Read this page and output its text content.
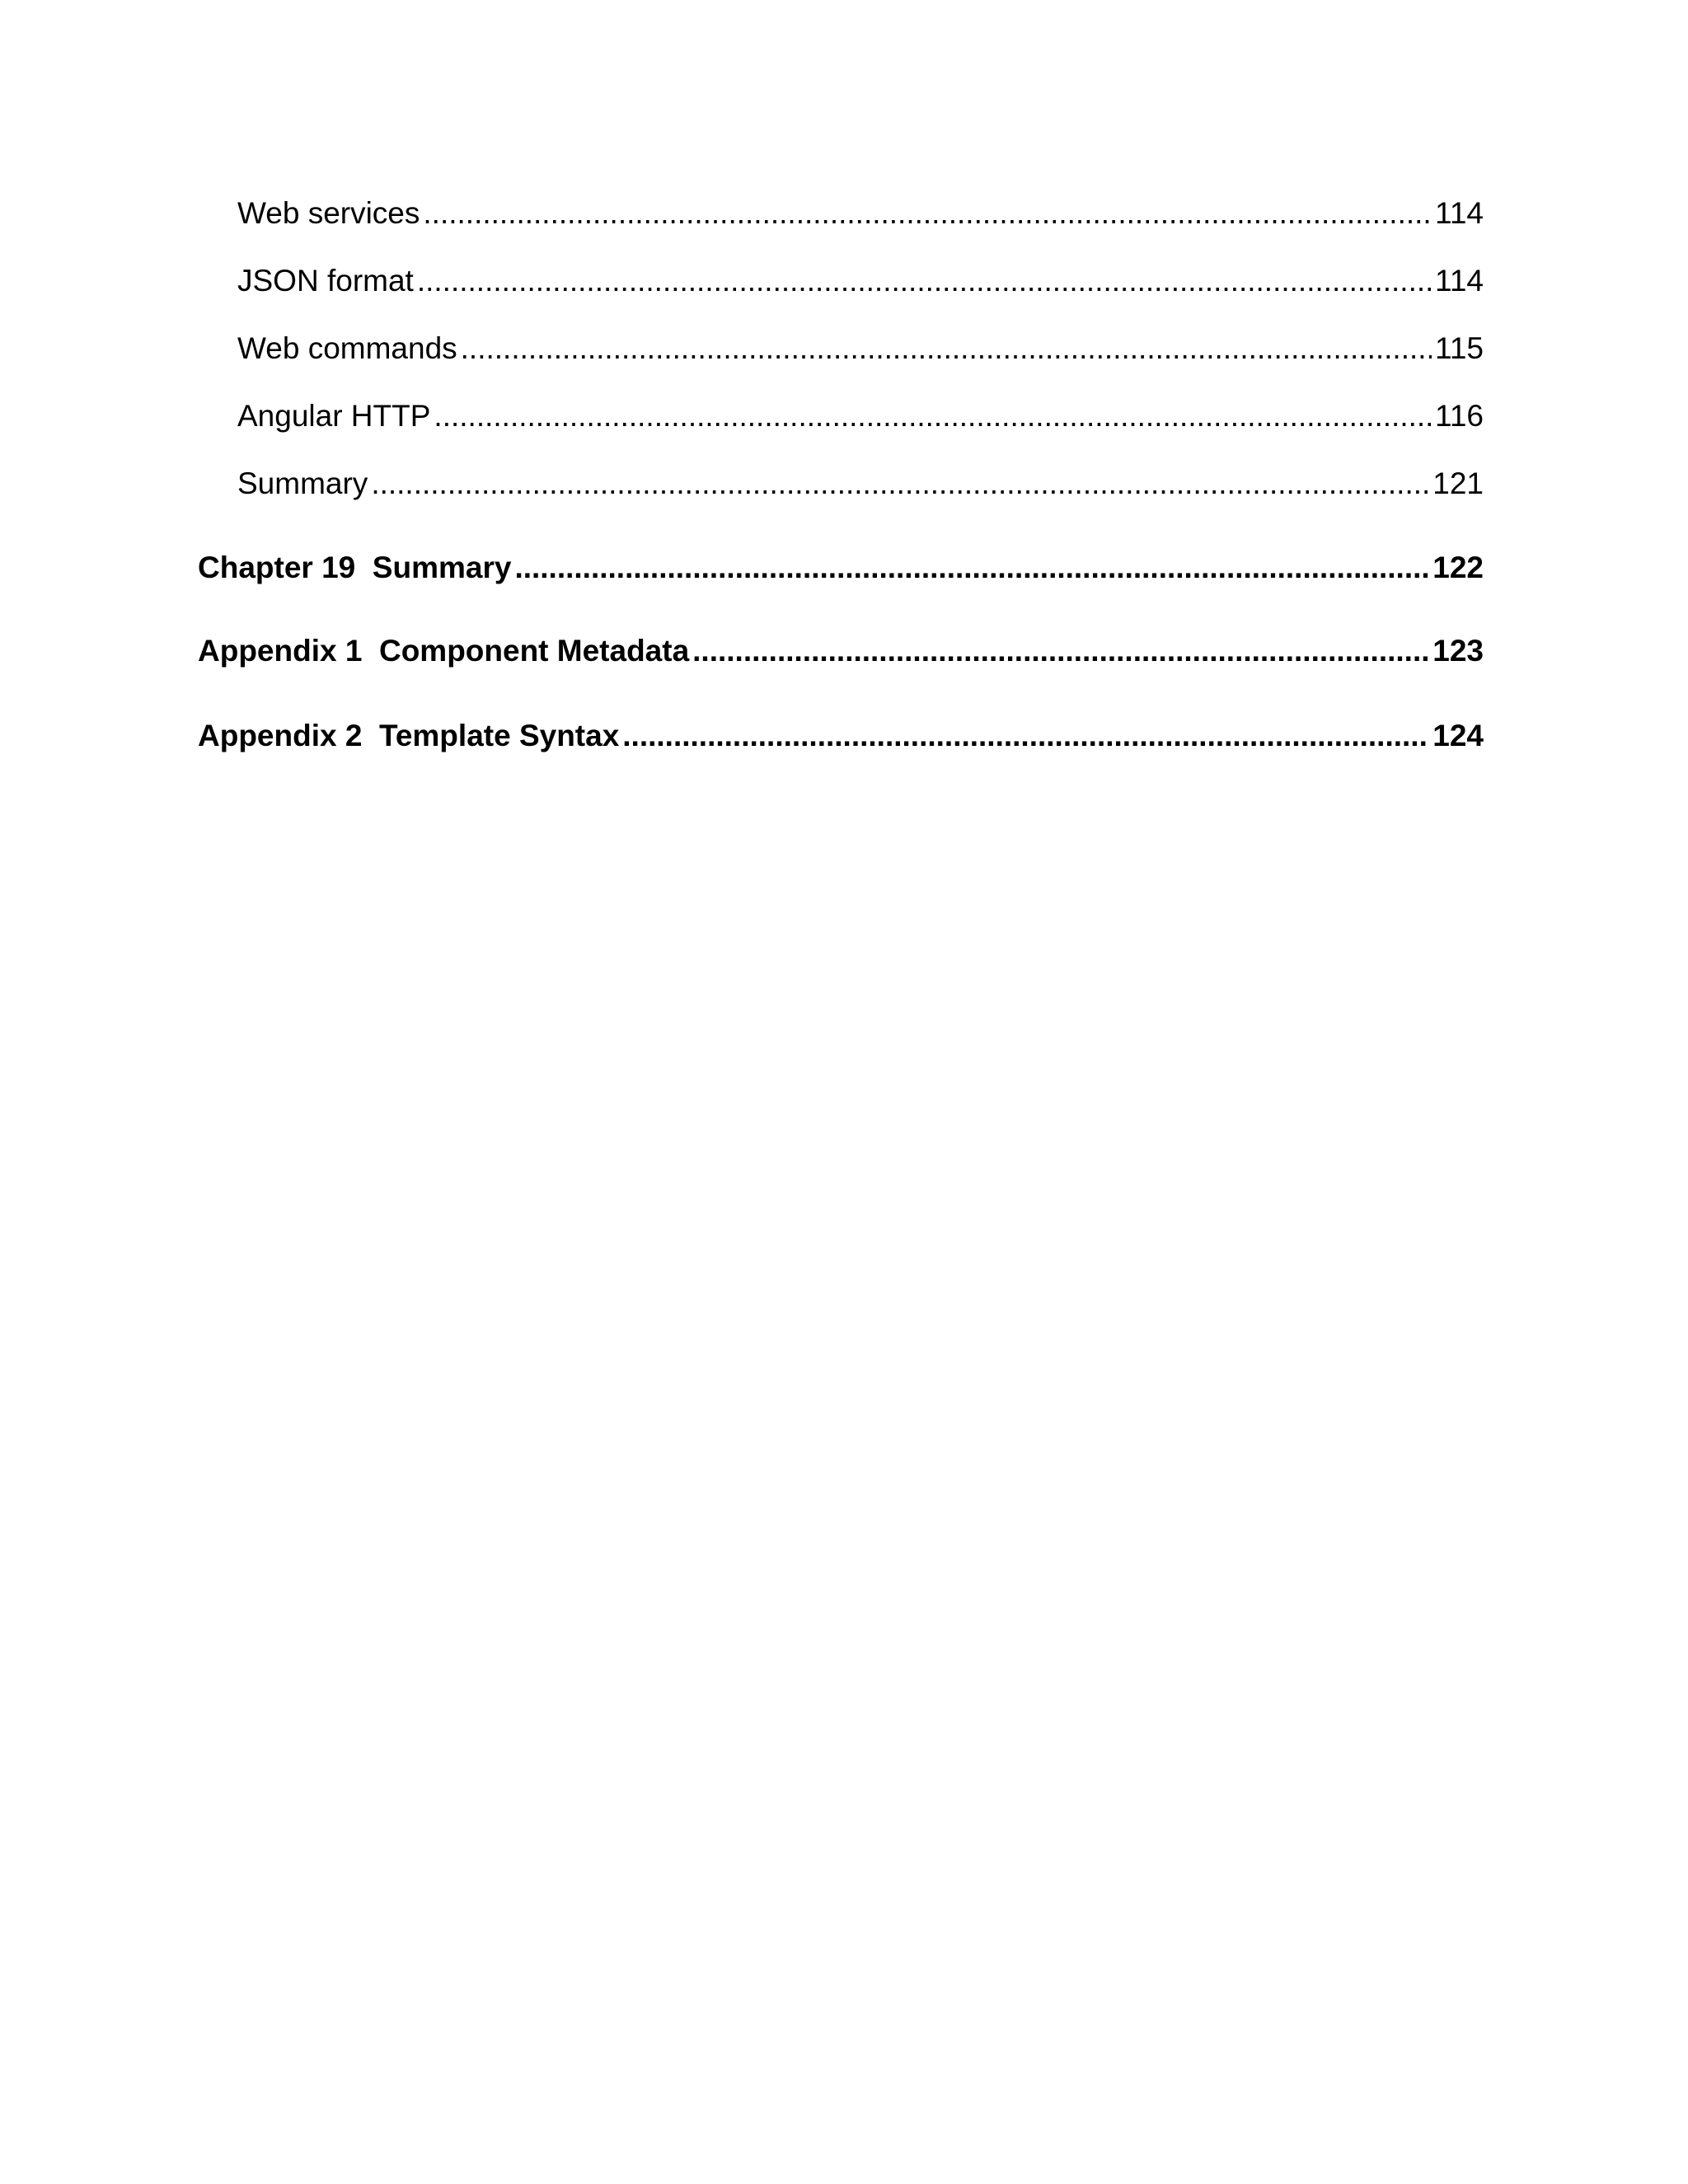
Web services .....	114
JSON format .....	114
Web commands .....	115
Angular HTTP .....	116
Summary .....	121
Chapter 19  Summary .....	122
Appendix 1  Component Metadata .....	123
Appendix 2  Template Syntax .....	124
